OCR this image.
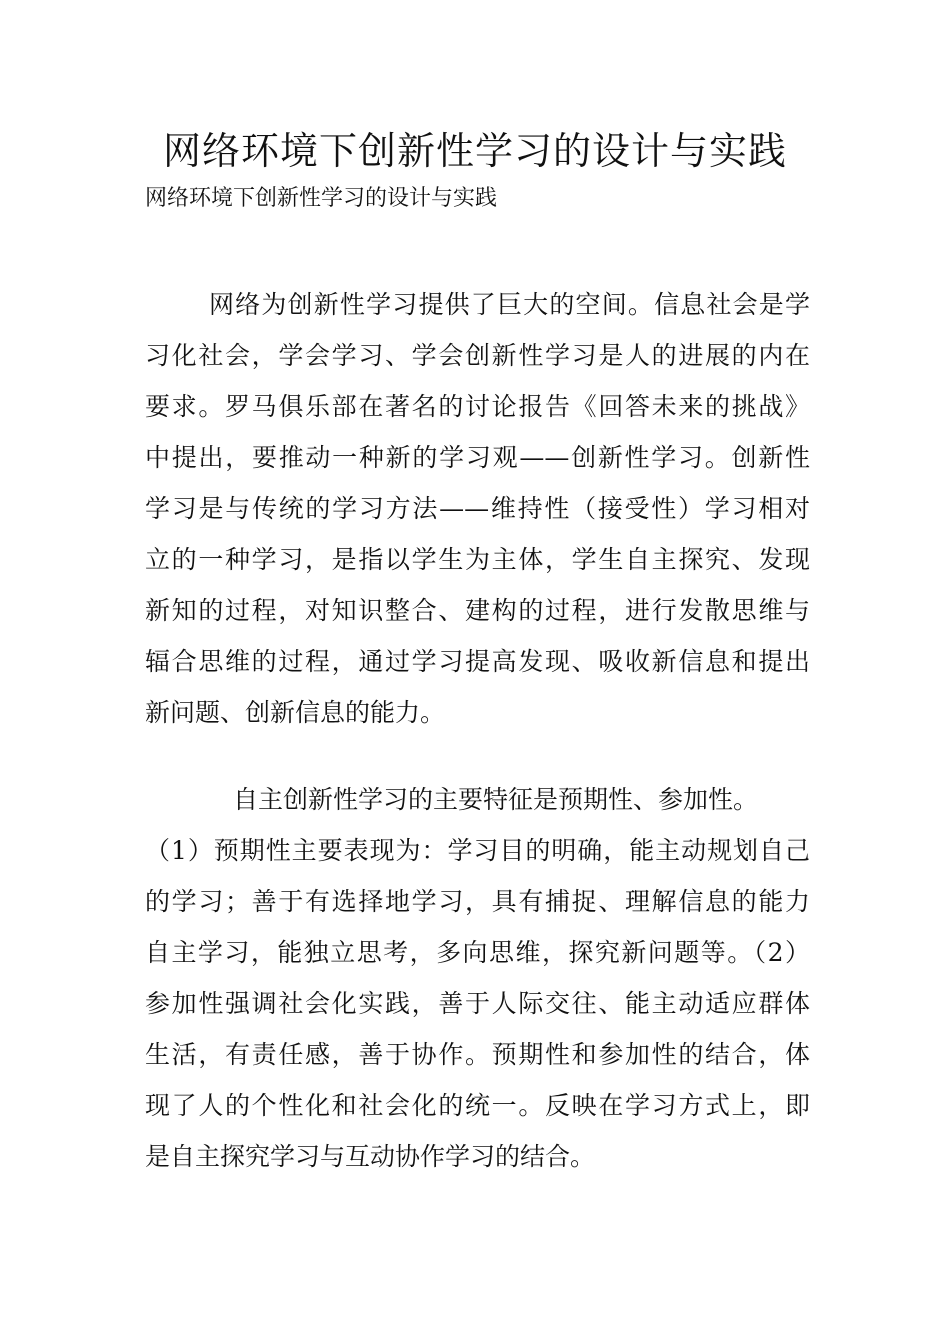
网络环境下创新性学习的设计与实践
网络环境下创新性学习的设计与实践
网络为创新性学习提供了巨大的空间。信息社会是学
习化社会，学会学习、学会创新性学习是人的进展的内在
要求。罗马俱乐部在著名的讨论报告《回答未来的挑战》
中提出，要推动一种新的学习观——创新性学习。创新性
学习是与传统的学习方法——维持性（接受性）学习相对
立的一种学习，是指以学生为主体，学生自主探究、发现
新知的过程，对知识整合、建构的过程，进行发散思维与
辐合思维的过程，通过学习提高发现、吸收新信息和提出
新问题、创新信息的能力。
自主创新性学习的主要特征是预期性、参加性。
（1）预期性主要表现为：学习目的明确，能主动规划自己
的学习；善于有选择地学习，具有捕捉、理解信息的能力
自主学习，能独立思考，多向思维，探究新问题等。（2）
参加性强调社会化实践，善于人际交往、能主动适应群体
生活，有责任感，善于协作。预期性和参加性的结合，体
现了人的个性化和社会化的统一。反映在学习方式上，即
是自主探究学习与互动协作学习的结合。
